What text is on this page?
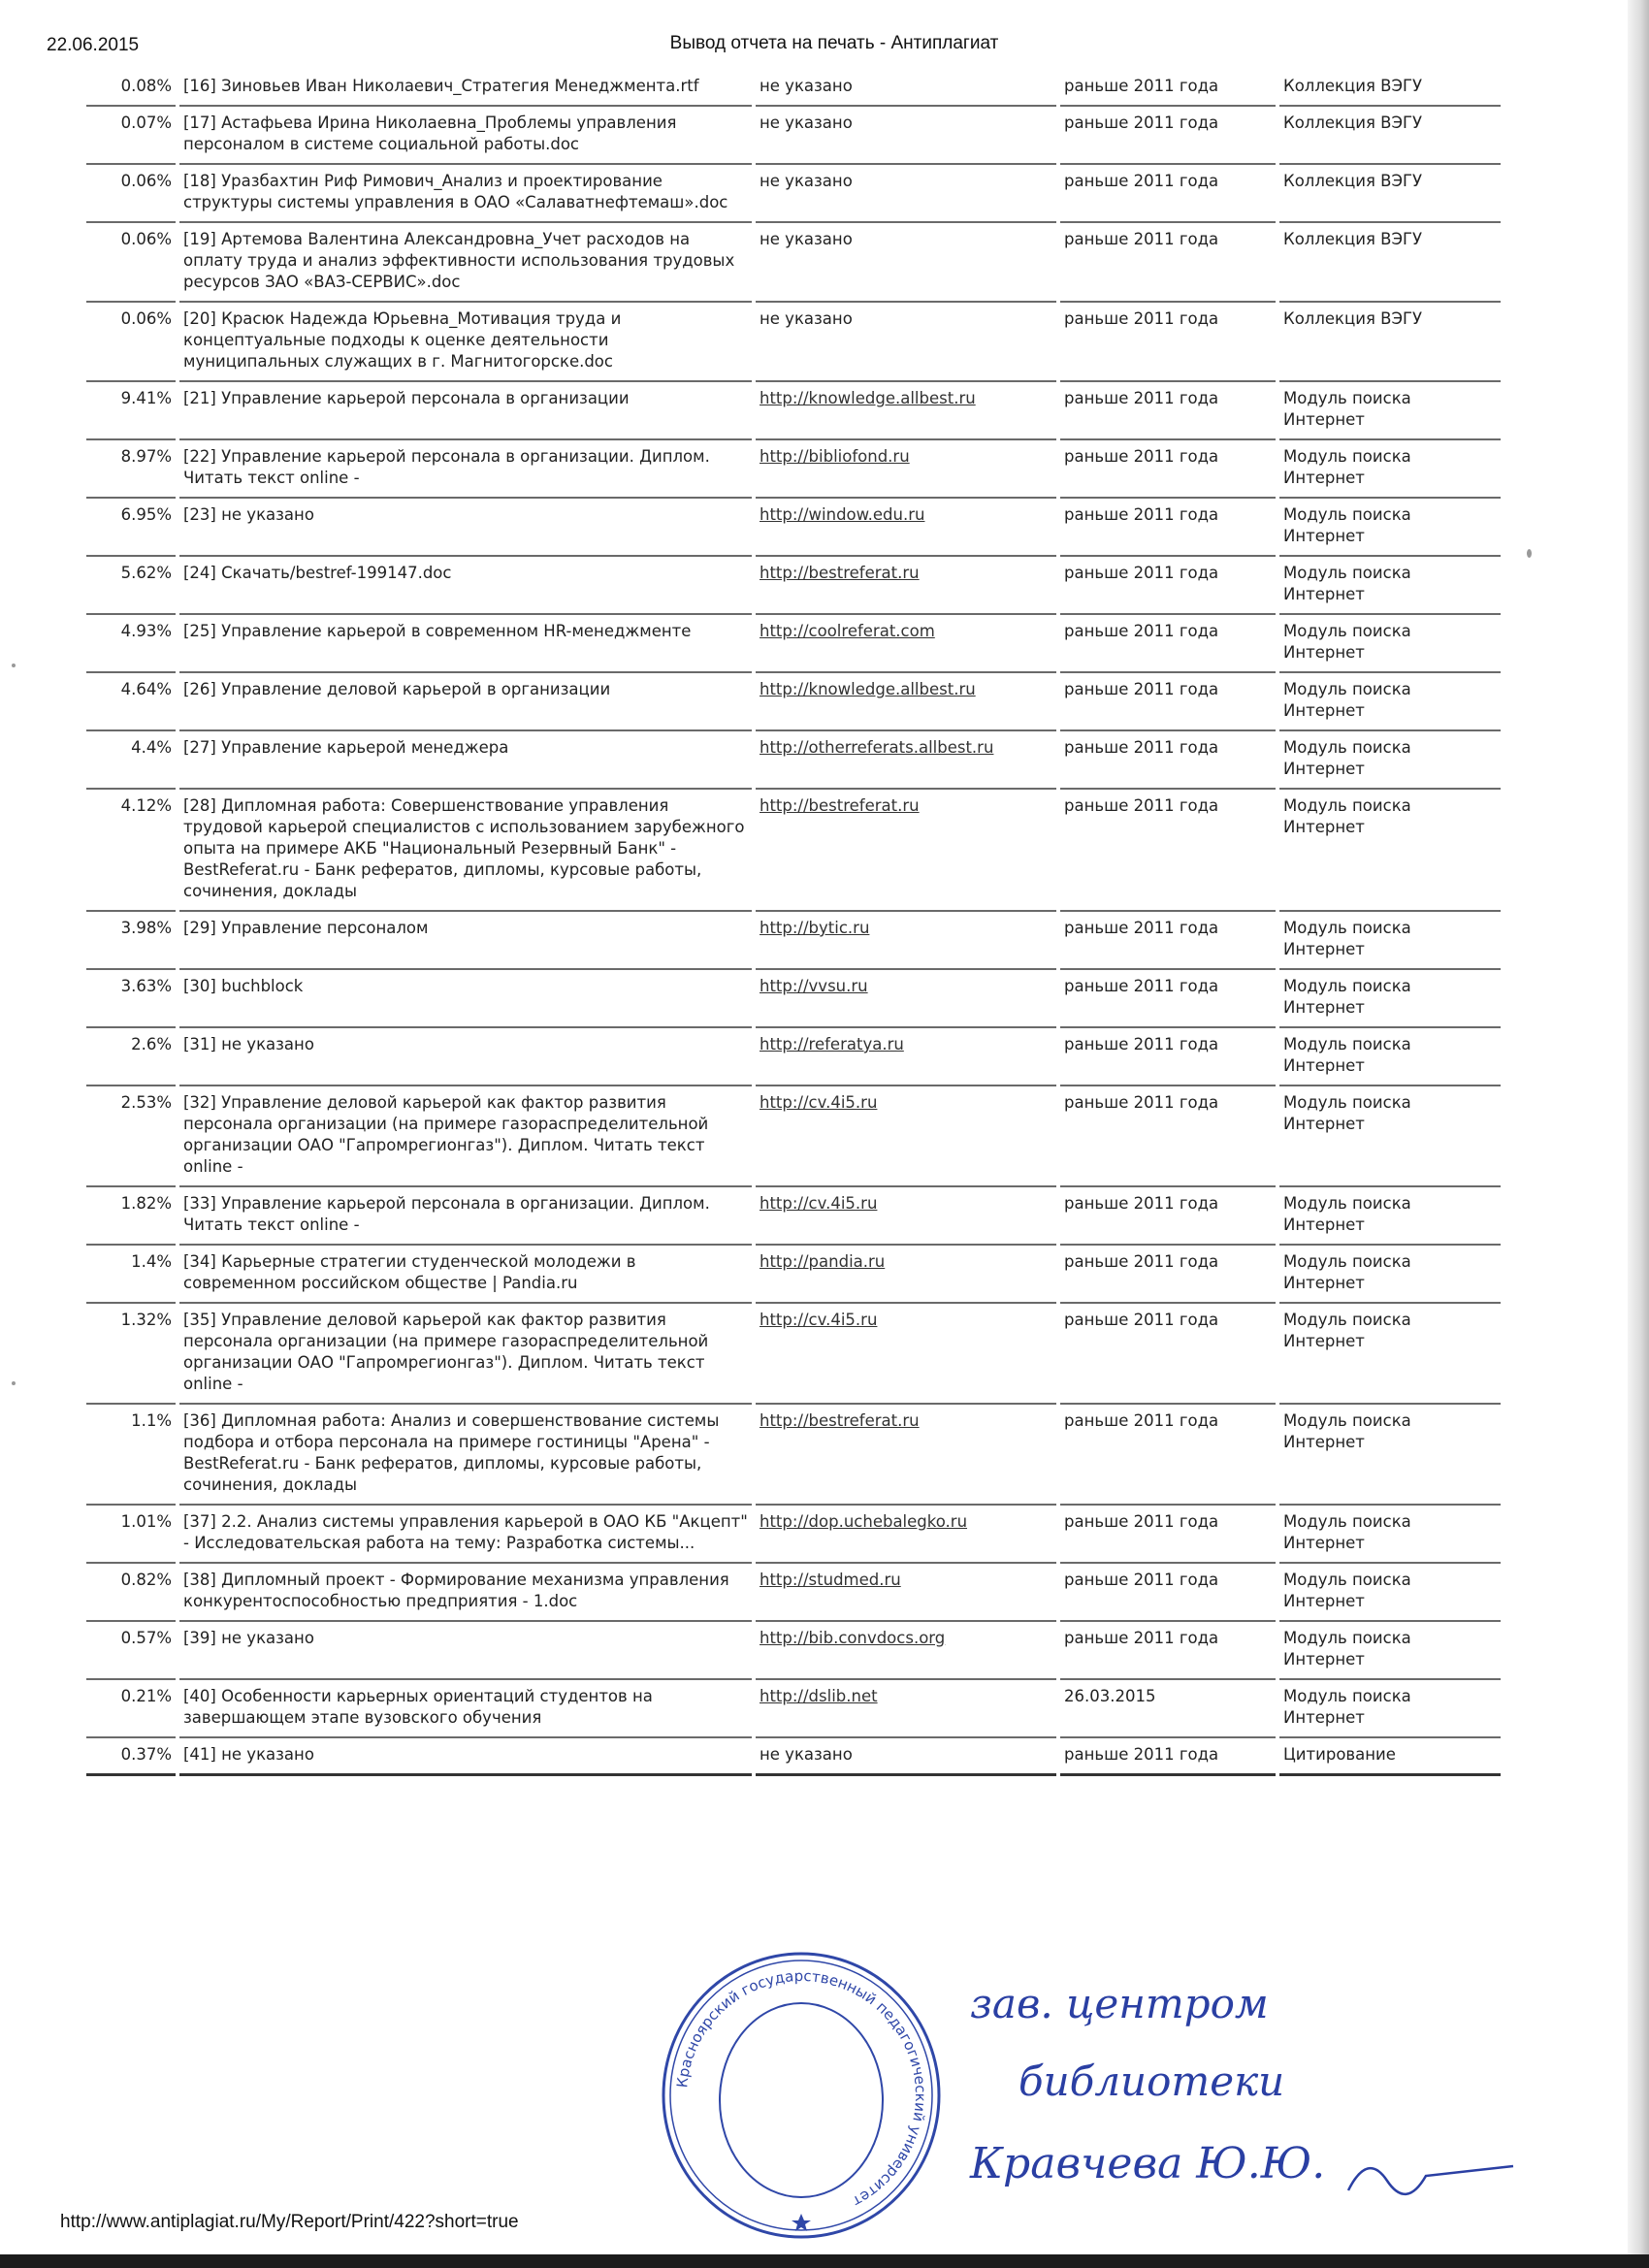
22.06.2015	Вывод отчета на печать - Антиплагиат
0.08%	[16] Зиновьев Иван Николаевич_Стратегия Менеджмента.rtf	не указано	раньше 2011 года	Коллекция ВЭГУ
0.07%	[17] Астафьева Ирина Николаевна_Проблемы управления персоналом в системе социальной работы.doc	не указано	раньше 2011 года	Коллекция ВЭГУ
0.06%	[18] Уразбахтин Риф Римович_Анализ и проектирование структуры системы управления в ОАО «Салаватнефтемаш».doc	не указано	раньше 2011 года	Коллекция ВЭГУ
0.06%	[19] Артемова Валентина Александровна_Учет расходов на оплату труда и анализ эффективности использования трудовых ресурсов ЗАО «ВАЗ-СЕРВИС».doc	не указано	раньше 2011 года	Коллекция ВЭГУ
0.06%	[20] Красюк Надежда Юрьевна_Мотивация труда и концептуальные подходы к оценке деятельности муниципальных служащих в г. Магнитогорске.doc	не указано	раньше 2011 года	Коллекция ВЭГУ
9.41%	[21] Управление карьерой персонала в организации	http://knowledge.allbest.ru	раньше 2011 года	Модуль поиска Интернет
8.97%	[22] Управление карьерой персонала в организации. Диплом. Читать текст online -	http://bibliofond.ru	раньше 2011 года	Модуль поиска Интернет
6.95%	[23] не указано	http://window.edu.ru	раньше 2011 года	Модуль поиска Интернет
5.62%	[24] Скачать/bestref-199147.doc	http://bestreferat.ru	раньше 2011 года	Модуль поиска Интернет
4.93%	[25] Управление карьерой в современном HR-менеджменте	http://coolreferat.com	раньше 2011 года	Модуль поиска Интернет
4.64%	[26] Управление деловой карьерой в организации	http://knowledge.allbest.ru	раньше 2011 года	Модуль поиска Интернет
4.4%	[27] Управление карьерой менеджера	http://otherreferats.allbest.ru	раньше 2011 года	Модуль поиска Интернет
4.12%	[28] Дипломная работа: Совершенствование управления трудовой карьерой специалистов с использованием зарубежного опыта на примере АКБ "Национальный Резервный Банк" - BestReferat.ru - Банк рефератов, дипломы, курсовые работы, сочинения, доклады	http://bestreferat.ru	раньше 2011 года	Модуль поиска Интернет
3.98%	[29] Управление персоналом	http://bytic.ru	раньше 2011 года	Модуль поиска Интернет
3.63%	[30] buchblock	http://vvsu.ru	раньше 2011 года	Модуль поиска Интернет
2.6%	[31] не указано	http://referatya.ru	раньше 2011 года	Модуль поиска Интернет
2.53%	[32] Управление деловой карьерой как фактор развития персонала организации (на примере газораспределительной организации ОАО "Гапромрегионгаз"). Диплом. Читать текст online -	http://cv.4i5.ru	раньше 2011 года	Модуль поиска Интернет
1.82%	[33] Управление карьерой персонала в организации. Диплом. Читать текст online -	http://cv.4i5.ru	раньше 2011 года	Модуль поиска Интернет
1.4%	[34] Карьерные стратегии студенческой молодежи в современном российском обществе | Pandia.ru	http://pandia.ru	раньше 2011 года	Модуль поиска Интернет
1.32%	[35] Управление деловой карьерой как фактор развития персонала организации (на примере газораспределительной организации ОАО "Гапромрегионгаз"). Диплом. Читать текст online -	http://cv.4i5.ru	раньше 2011 года	Модуль поиска Интернет
1.1%	[36] Дипломная работа: Анализ и совершенствование системы подбора и отбора персонала на примере гостиницы "Арена" - BestReferat.ru - Банк рефератов, дипломы, курсовые работы, сочинения, доклады	http://bestreferat.ru	раньше 2011 года	Модуль поиска Интернет
1.01%	[37] 2.2. Анализ системы управления карьерой в ОАО КБ "Акцепт" - Исследовательская работа на тему: Разработка системы...	http://dop.uchebalegko.ru	раньше 2011 года	Модуль поиска Интернет
0.82%	[38] Дипломный проект - Формирование механизма управления конкурентоспособностью предприятия - 1.doc	http://studmed.ru	раньше 2011 года	Модуль поиска Интернет
0.57%	[39] не указано	http://bib.convdocs.org	раньше 2011 года	Модуль поиска Интернет
0.21%	[40] Особенности карьерных ориентаций студентов на завершающем этапе вузовского обучения	http://dslib.net	26.03.2015	Модуль поиска Интернет
0.37%	[41] не указано	не указано	раньше 2011 года	Цитирование
Красноярский государственный педагогический университет
зав. центром
библиотеки
Кравчева Ю.Ю.
http://www.antiplagiat.ru/My/Report/Print/422?short=true
